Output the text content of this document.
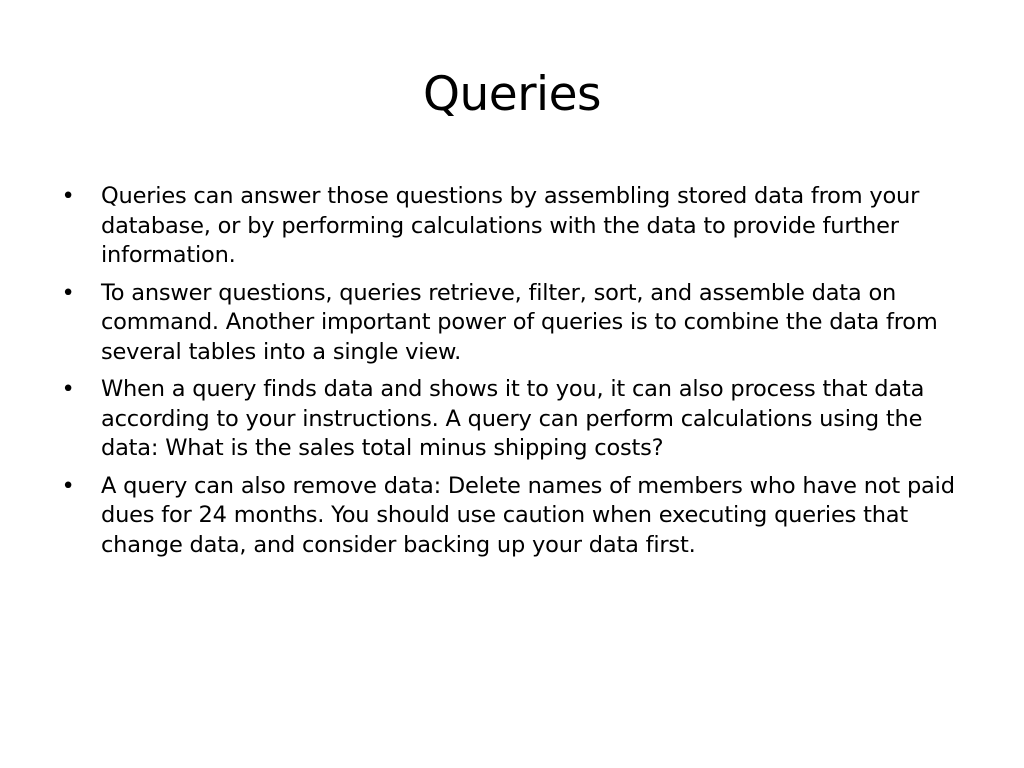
Queries
• Queries can answer those questions by assembling stored data from your database, or by performing calculations with the data to provide further information.
• To answer questions, queries retrieve, filter, sort, and assemble data on command. Another important power of queries is to combine the data from several tables into a single view.
• When a query finds data and shows it to you, it can also process that data according to your instructions. A query can perform calculations using the data: What is the sales total minus shipping costs?
• A query can also remove data: Delete names of members who have not paid dues for 24 months. You should use caution when executing queries that change data, and consider backing up your data first.
